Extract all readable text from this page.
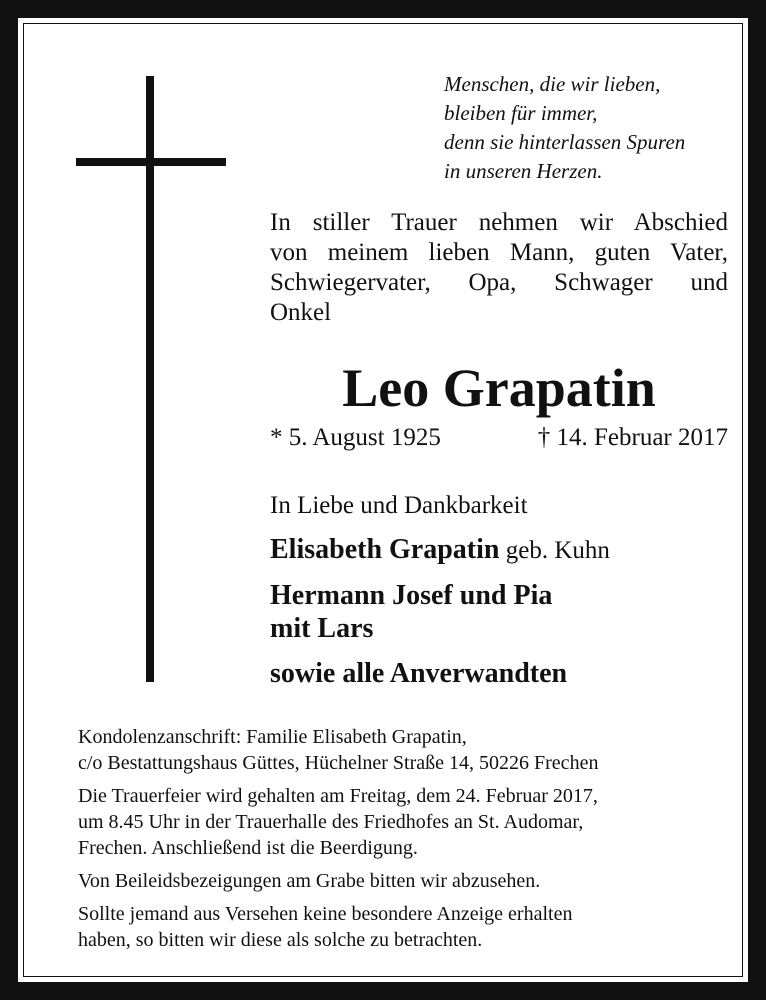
Menschen, die wir lieben,
bleiben für immer,
denn sie hinterlassen Spuren
in unseren Herzen.
In stiller Trauer nehmen wir Abschied
von meinem lieben Mann, guten Vater,
Schwiegervater, Opa, Schwager und
Onkel
Leo Grapatin
* 5. August 1925	† 14. Februar 2017
In Liebe und Dankbarkeit
Elisabeth Grapatin geb. Kuhn
Hermann Josef und Pia
mit Lars
sowie alle Anverwandten

Kondolenzanschrift: Familie Elisabeth Grapatin,
c/o Bestattungshaus Güttes, Hüchelner Straße 14, 50226 Frechen

Die Trauerfeier wird gehalten am Freitag, dem 24. Februar 2017,
um 8.45 Uhr in der Trauerhalle des Friedhofes an St. Audomar,
Frechen. Anschließend ist die Beerdigung.

Von Beileidsbezeigungen am Grabe bitten wir abzusehen.

Sollte jemand aus Versehen keine besondere Anzeige erhalten
haben, so bitten wir diese als solche zu betrachten.
